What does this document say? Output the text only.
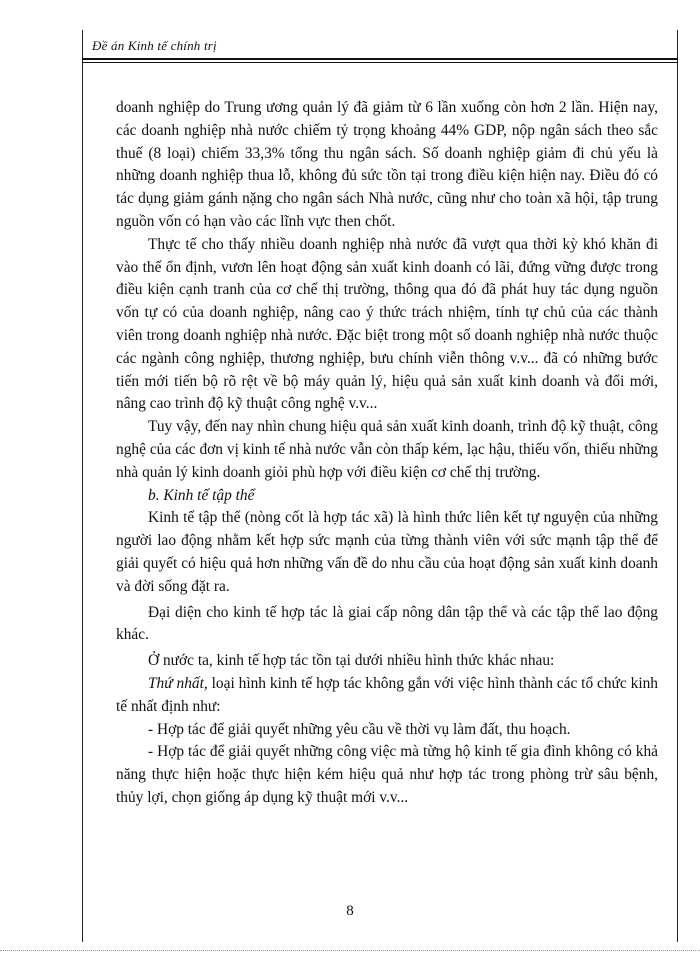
Đề án Kinh tế chính trị

doanh nghiệp do Trung ương quản lý đã giảm từ 6 lần xuống còn hơn 2 lần. Hiện nay, các doanh nghiệp nhà nước chiếm tỷ trọng khoảng 44% GDP, nộp ngân sách theo sắc thuế (8 loại) chiếm 33,3% tổng thu ngân sách. Số doanh nghiệp giảm đi chủ yếu là những doanh nghiệp thua lỗ, không đủ sức tồn tại trong điều kiện hiện nay. Điều đó có tác dụng giảm gánh nặng cho ngân sách Nhà nước, cũng như cho toàn xã hội, tập trung nguồn vốn có hạn vào các lĩnh vực then chốt.

Thực tế cho thấy nhiều doanh nghiệp nhà nước đã vượt qua thời kỳ khó khăn đi vào thế ổn định, vươn lên hoạt động sản xuất kinh doanh có lãi, đứng vững được trong điều kiện cạnh tranh của cơ chế thị trường, thông qua đó đã phát huy tác dụng nguồn vốn tự có của doanh nghiệp, nâng cao ý thức trách nhiệm, tính tự chủ của các thành viên trong doanh nghiệp nhà nước. Đặc biệt trong một số doanh nghiệp nhà nước thuộc các ngành công nghiệp, thương nghiệp, bưu chính viễn thông v.v... đã có những bước tiến mới tiến bộ rõ rệt về bộ máy quản lý, hiệu quả sản xuất kinh doanh và đổi mới, nâng cao trình độ kỹ thuật công nghệ v.v...

Tuy vậy, đến nay nhìn chung hiệu quả sản xuất kinh doanh, trình độ kỹ thuật, công nghệ của các đơn vị kinh tế nhà nước vẫn còn thấp kém, lạc hậu, thiếu vốn, thiếu những nhà quản lý kinh doanh giỏi phù hợp với điều kiện cơ chế thị trường.

b. Kinh tế tập thể

Kinh tế tập thể (nòng cốt là hợp tác xã) là hình thức liên kết tự nguyện của những người lao động nhằm kết hợp sức mạnh của từng thành viên với sức mạnh tập thể để giải quyết có hiệu quả hơn những vấn đề do nhu cầu của hoạt động sản xuất kinh doanh và đời sống đặt ra.

Đại diện cho kinh tế hợp tác là giai cấp nông dân tập thể và các tập thể lao động khác.

Ở nước ta, kinh tế hợp tác tồn tại dưới nhiều hình thức khác nhau:

Thứ nhất, loại hình kinh tế hợp tác không gắn với việc hình thành các tổ chức kinh tế nhất định như:

- Hợp tác để giải quyết những yêu cầu về thời vụ làm đất, thu hoạch.

- Hợp tác để giải quyết những công việc mà từng hộ kinh tế gia đình không có khả năng thực hiện hoặc thực hiện kém hiệu quả như hợp tác trong phòng trừ sâu bệnh, thủy lợi, chọn giống áp dụng kỹ thuật mới v.v...

8
